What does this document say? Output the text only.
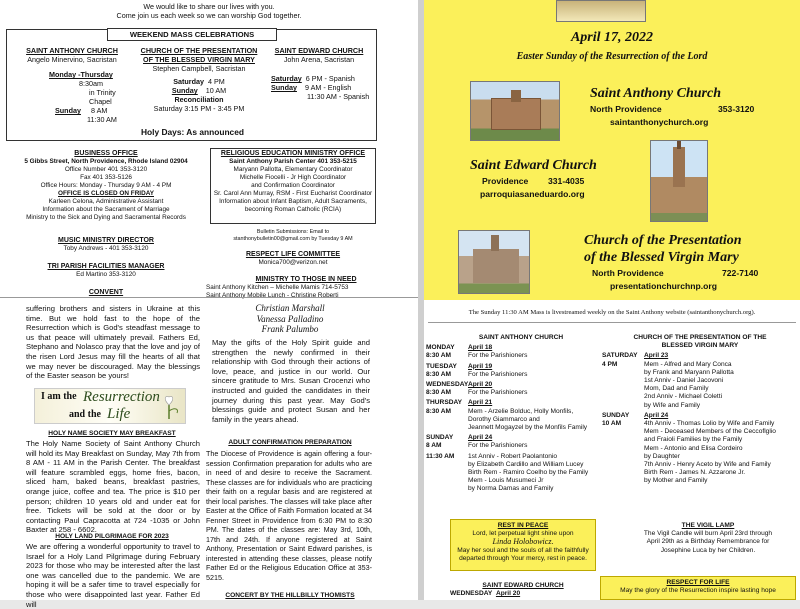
We would like to share our lives with you.
Come join us each week so we can worship God together.
WEEKEND MASS CELEBRATIONS
SAINT ANTHONY CHURCH
Angelo Minervino, Sacristan
Monday -Thursday
8:30am
in Trinity Chapel
Sunday 8 AM
11:30 AM
CHURCH OF THE PRESENTATION
OF THE BLESSED VIRGIN MARY
Stephen Campbell, Sacristan
Saturday 4 PM
Sunday 10 AM
Reconciliation
Saturday 3:15 PM - 3:45 PM
SAINT EDWARD CHURCH
John Arena, Sacristan
Saturday 6 PM - Spanish
Sunday 9 AM - English
11:30 AM - Spanish
Holy Days: As announced
BUSINESS OFFICE
5 Gibbs Street, North Providence, Rhode Island 02904
Office Number 401 353-3120
Fax 401 353-5126
Office Hours: Monday - Thursday 9 AM - 4 PM
OFFICE IS CLOSED ON FRIDAY
Karleen Celona, Administrative Assistant
Information about the Sacrament of Marriage
Ministry to the Sick and Dying and Sacramental Records
RELIGIOUS EDUCATION MINISTRY OFFICE
Saint Anthony Parish Center 401 353-5215
Maryann Pallotta, Elementary Coordinator
Michelle Fiocelli - Jr High Coordinator
and Confirmation Coordinator
Sr. Carol Ann Murray, RSM - First Eucharist Coordinator
Information about Infant Baptism, Adult Sacraments,
becoming Roman Catholic (RCIA)
Bulletin Submissions: Email to
stanthonybulletin00@gmail.com by Tuesday 9 AM
MUSIC MINISTRY DIRECTOR
Toby Andrews - 401 353-3120
TRI PARISH FACILITIES MANAGER
Ed Martino 353-3120
RESPECT LIFE COMMITTEE
Monica700@verizon.net
MINISTRY TO THOSE IN NEED
Saint Anthony Kitchen – Michelle Mamis 714-5753
Saint Anthony Mobile Lunch - Christine Roberti
CONVENT
suffering brothers and sisters in Ukraine at this time. But we hold fast to the hope of the Resurrection which is God's steadfast message to us that peace will ultimately prevail. Fathers Ed, Stephano and Nolasco pray that the love and joy of the risen Lord Jesus may fill the hearts of all that we may never be discouraged. May the blessings of the Easter season be yours!
I am the Resurrection
and the Life
HOLY NAME SOCIETY MAY BREAKFAST
The Holy Name Society of Saint Anthony Church will hold its May Breakfast on Sunday, May 7th from 8 AM - 11 AM in the Parish Center. The breakfast will feature scrambled eggs, home fries, bacon, sliced ham, baked beans, breakfast pastries, orange juice, coffee and tea. The price is $10 per person; children 10 years old and under eat for free. Tickets will be sold at the door or by contacting Paul Capracotta at 724 -1035 or John Baxter at 258 - 6602.
HOLY LAND PILGRIMAGE FOR 2023
We are offering a wonderful opportunity to travel to Israel for a Holy Land Pilgrimage during February 2023 for those who may be interested after the last one was cancelled due to the pandemic. We are hoping it will be a safer time to travel especially for those who were disappointed last year. Father Ed will
Christian Marshall
Vanessa Palladino
Frank Palumbo
May the gifts of the Holy Spirit guide and strengthen the newly confirmed in their relationship with God through their actions of love, peace, and justice in our world. Our sincere gratitude to Mrs. Susan Crocenzi who instructed and guided the candidates in their journey during this past year. May God's blessings guide and protect Susan and her family in the years ahead.
ADULT CONFIRMATION PREPARATION
The Diocese of Providence is again offering a four-session Confirmation preparation for adults who are in need of and desire to receive the Sacrament. These classes are for individuals who are practicing their faith on a regular basis and are registered at their local parishes. The classes will take place after Easter at the Office of Faith Formation located at 34 Fenner Street in Providence from 6:30 PM to 8:30 PM. The dates of the classes are: May 3rd, 10th, 17th and 24th. If anyone registered at Saint Anthony, Presentation or Saint Edward parishes, is interested in attending these classes, please notify Father Ed or the Religious Education Office at 353-5215.
CONCERT BY THE HILLBILLY THOMISTS
April 17, 2022
Easter Sunday of the Resurrection of the Lord
Saint Anthony Church
North Providence	353-3120
saintanthonychurch.org
Saint Edward Church
Providence 331-4035
parroquiasaneduardo.org
Church of the Presentation
of the Blessed Virgin Mary
North Providence	722-7140
presentationchurchnp.org
The Sunday 11:30 AM Mass is livestreamed weekly on the Saint Anthony website (saintanthonychurch.org).
SAINT ANTHONY CHURCH
MONDAY
8:30 AM
April 18
For the Parishioners
TUESDAY
8:30 AM
April 19
For the Parishioners
WEDNESDAY
8:30 AM
April 20
For the Parishioners
THURSDAY
8:30 AM
April 21
Mem - Arzelie Bolduc, Holly Monfils,
Dorothy Giammarco and
Jeannett Mogayzel by the Monfils Family
SUNDAY
8 AM
April 24
For the Parishioners
11:30 AM	1st Anniv - Robert Paolantonio
by Elizabeth Cardillo and William Lucey
Birth Rem - Ramiro Coelho by the Family
Mem - Louis Musumeci Jr
by Norma Damas and Family
CHURCH OF THE PRESENTATION OF THE
BLESSED VIRGIN MARY
SATURDAY
4 PM
April 23
Mem - Alfred and Mary Conca
by Frank and Maryann Pallotta
1st Anniv - Daniel Jacovoni
Mom, Dad and Family
2nd Anniv - Michael Coletti
by Wife and Family
SUNDAY
10 AM
April 24
4th Anniv - Thomas Lolio by Wife and Family
Mem - Deceased Members of the Ceccoflglio
and Fraioli Families by the Family
Mem - Antonio and Elisa Cordeiro
by Daughter
7th Anniv - Henry Aceto by Wife and Family
Birth Rem - James N. Azzarone Jr.
by Mother and Family
REST IN PEACE
Lord, let perpetual light shine upon
Linda Holobowicz.
May her soul and the souls of all the faithfully
departed through Your mercy, rest in peace.
SAINT EDWARD CHURCH
WEDNESDAY April 20
THE VIGIL LAMP
The Vigil Candle will burn April 23rd through
April 29th as a Birthday Remembrance for
Josephine Luca by her Children.
RESPECT FOR LIFE
May the glory of the Resurrection inspire lasting hope
